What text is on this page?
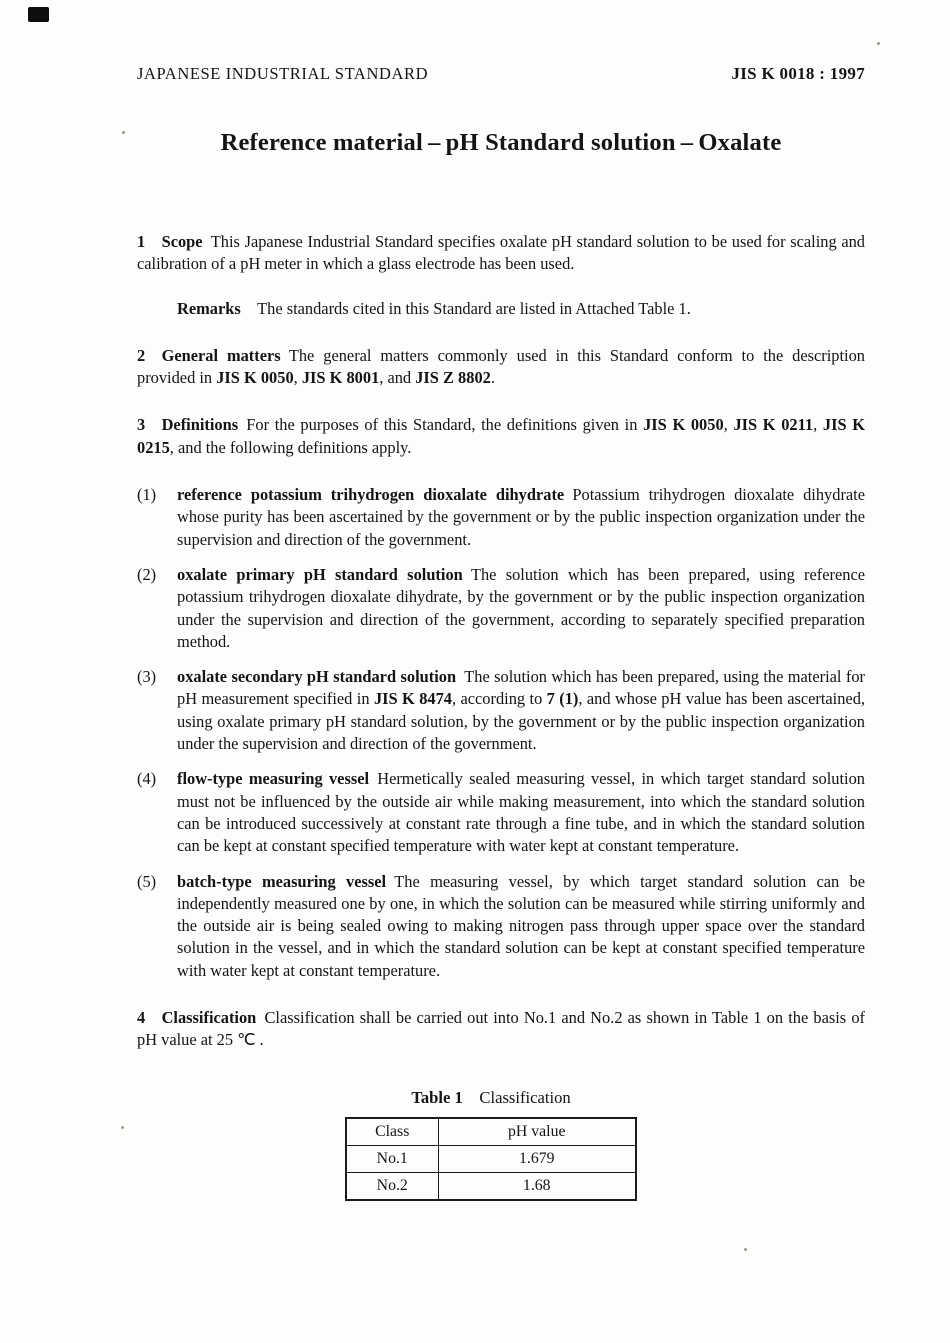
JAPANESE INDUSTRIAL STANDARD	JIS K 0018 : 1997
Reference material – pH Standard solution – Oxalate

1 Scope This Japanese Industrial Standard specifies oxalate pH standard solution to be used for scaling and calibration of a pH meter in which a glass electrode has been used.

Remarks The standards cited in this Standard are listed in Attached Table 1.

2 General matters The general matters commonly used in this Standard conform to the description provided in JIS K 0050, JIS K 8001, and JIS Z 8802.

3 Definitions For the purposes of this Standard, the definitions given in JIS K 0050, JIS K 0211, JIS K 0215, and the following definitions apply.

(1) reference potassium trihydrogen dioxalate dihydrate Potassium trihydrogen dioxalate dihydrate whose purity has been ascertained by the government or by the public inspection organization under the supervision and direction of the government.

(2) oxalate primary pH standard solution The solution which has been prepared, using reference potassium trihydrogen dioxalate dihydrate, by the government or by the public inspection organization under the supervision and direction of the government, according to separately specified preparation method.

(3) oxalate secondary pH standard solution The solution which has been prepared, using the material for pH measurement specified in JIS K 8474, according to 7 (1), and whose pH value has been ascertained, using oxalate primary pH standard solution, by the government or by the public inspection organization under the supervision and direction of the government.

(4) flow-type measuring vessel Hermetically sealed measuring vessel, in which target standard solution must not be influenced by the outside air while making measurement, into which the standard solution can be introduced successively at constant rate through a fine tube, and in which the standard solution can be kept at constant specified temperature with water kept at constant temperature.

(5) batch-type measuring vessel The measuring vessel, by which target standard solution can be independently measured one by one, in which the solution can be measured while stirring uniformly and the outside air is being sealed owing to making nitrogen pass through upper space over the standard solution in the vessel, and in which the standard solution can be kept at constant specified temperature with water kept at constant temperature.

4 Classification Classification shall be carried out into No.1 and No.2 as shown in Table 1 on the basis of pH value at 25 ℃ .

Table 1 Classification
Class	pH value
No.1	1.679
No.2	1.68
